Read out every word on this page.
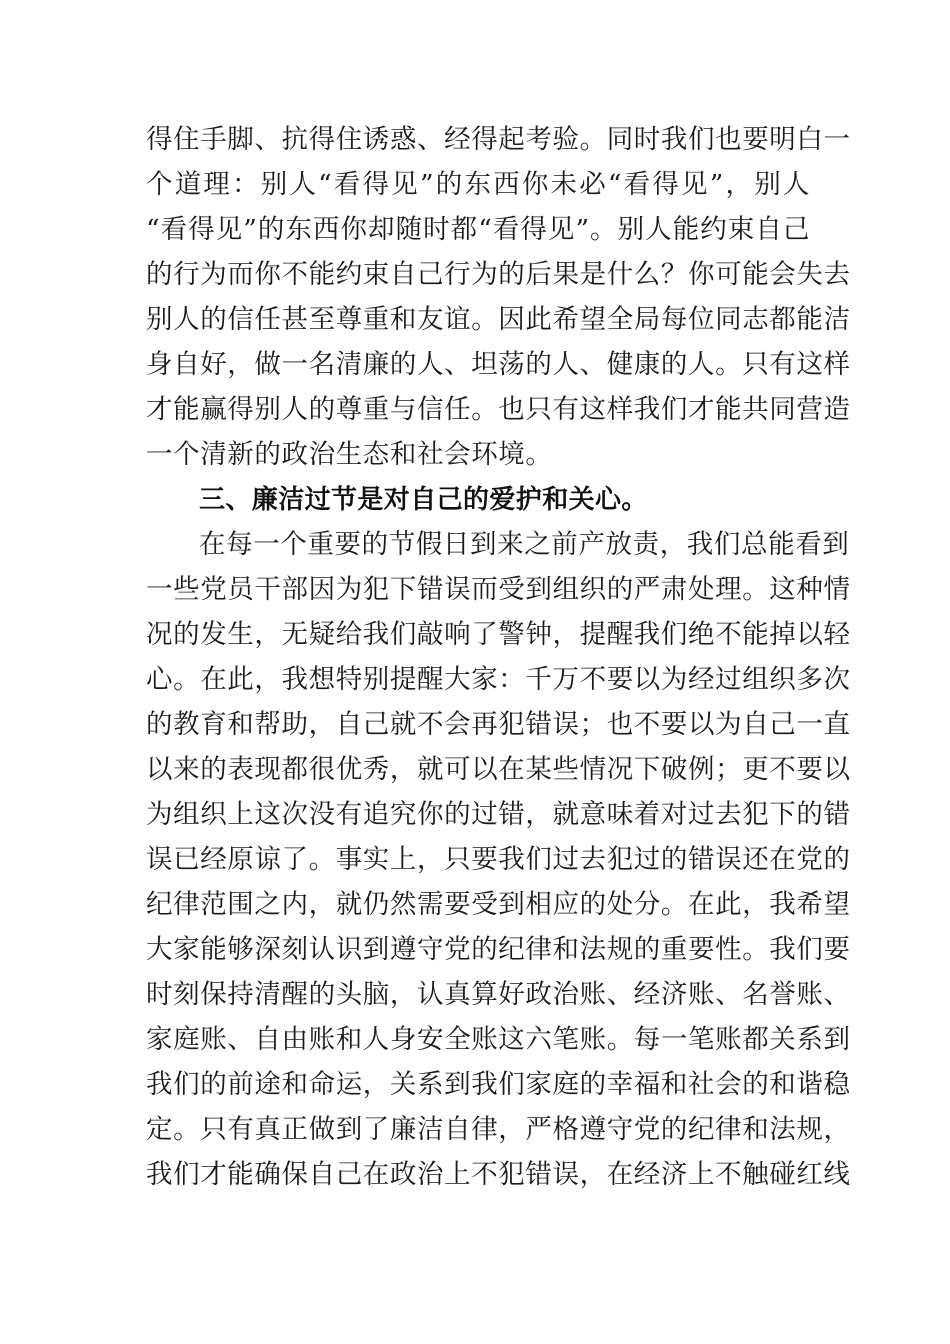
得住手脚、抗得住诱惑、经得起考验。同时我们也要明白一
个道理：别人“看得见”的东西你未必“看得见”，别人
“看得见”的东西你却随时都“看得见”。别人能约束自己
的行为而你不能约束自己行为的后果是什么？你可能会失去
别人的信任甚至尊重和友谊。因此希望全局每位同志都能洁
身自好，做一名清廉的人、坦荡的人、健康的人。只有这样
才能赢得别人的尊重与信任。也只有这样我们才能共同营造
一个清新的政治生态和社会环境。
三、廉洁过节是对自己的爱护和关心。
在每一个重要的节假日到来之前产放责，我们总能看到
一些党员干部因为犯下错误而受到组织的严肃处理。这种情
况的发生，无疑给我们敲响了警钟，提醒我们绝不能掉以轻
心。在此，我想特别提醒大家：千万不要以为经过组织多次
的教育和帮助，自己就不会再犯错误；也不要以为自己一直
以来的表现都很优秀，就可以在某些情况下破例；更不要以
为组织上这次没有追究你的过错，就意味着对过去犯下的错
误已经原谅了。事实上，只要我们过去犯过的错误还在党的
纪律范围之内，就仍然需要受到相应的处分。在此，我希望
大家能够深刻认识到遵守党的纪律和法规的重要性。我们要
时刻保持清醒的头脑，认真算好政治账、经济账、名誉账、
家庭账、自由账和人身安全账这六笔账。每一笔账都关系到
我们的前途和命运，关系到我们家庭的幸福和社会的和谐稳
定。只有真正做到了廉洁自律，严格遵守党的纪律和法规，
我们才能确保自己在政治上不犯错误，在经济上不触碰红线
